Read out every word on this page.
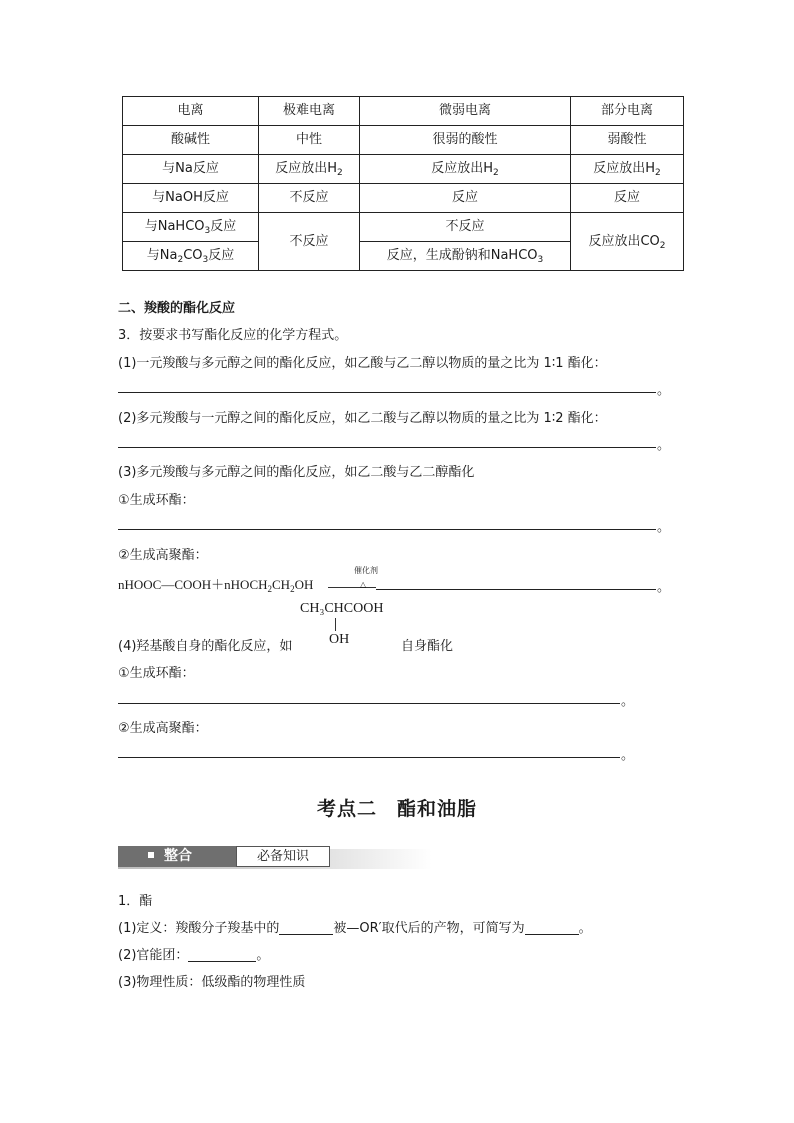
电离	极难电离	微弱电离	部分电离
酸碱性	中性	很弱的酸性	弱酸性
与Na反应	反应放出$H_2$	反应放出$H_2$	反应放出$H_2$
与NaOH反应	不反应	反应	反应
与NaHCO$_3$反应	不反应	不反应	反应放出$CO_2$
与$Na_2CO_3$反应		反应，生成酚钠和NaHCO$_3$
二、羧酸的酯化反应
3．按要求书写酯化反应的化学方程式。
(1)一元羧酸与多元醇之间的酯化反应，如乙酸与乙二醇以物质的量之比为 1∶1 酯化：
。
(2)多元羧酸与一元醇之间的酯化反应，如乙二酸与乙醇以物质的量之比为 1∶2 酯化：
。
(3)多元羧酸与多元醇之间的酯化反应，如乙二酸与乙二醇酯化
①生成环酯：
。
②生成高聚酯：
$nHOOC—COOH+nHOCH_2CH_2OH$
催化剂
△	。
CH₃CHCOOH
OH
(4)羟基酸自身的酯化反应，如	自身酯化
①生成环酯：
。
②生成高聚酯：
。
考点二　酯和油脂
整合	必备知识
1．酯
(1)定义：羧酸分子羧基中的	被—OR′取代后的产物，可简写为	。
(2)官能团：	。
(3)物理性质：低级酯的物理性质
